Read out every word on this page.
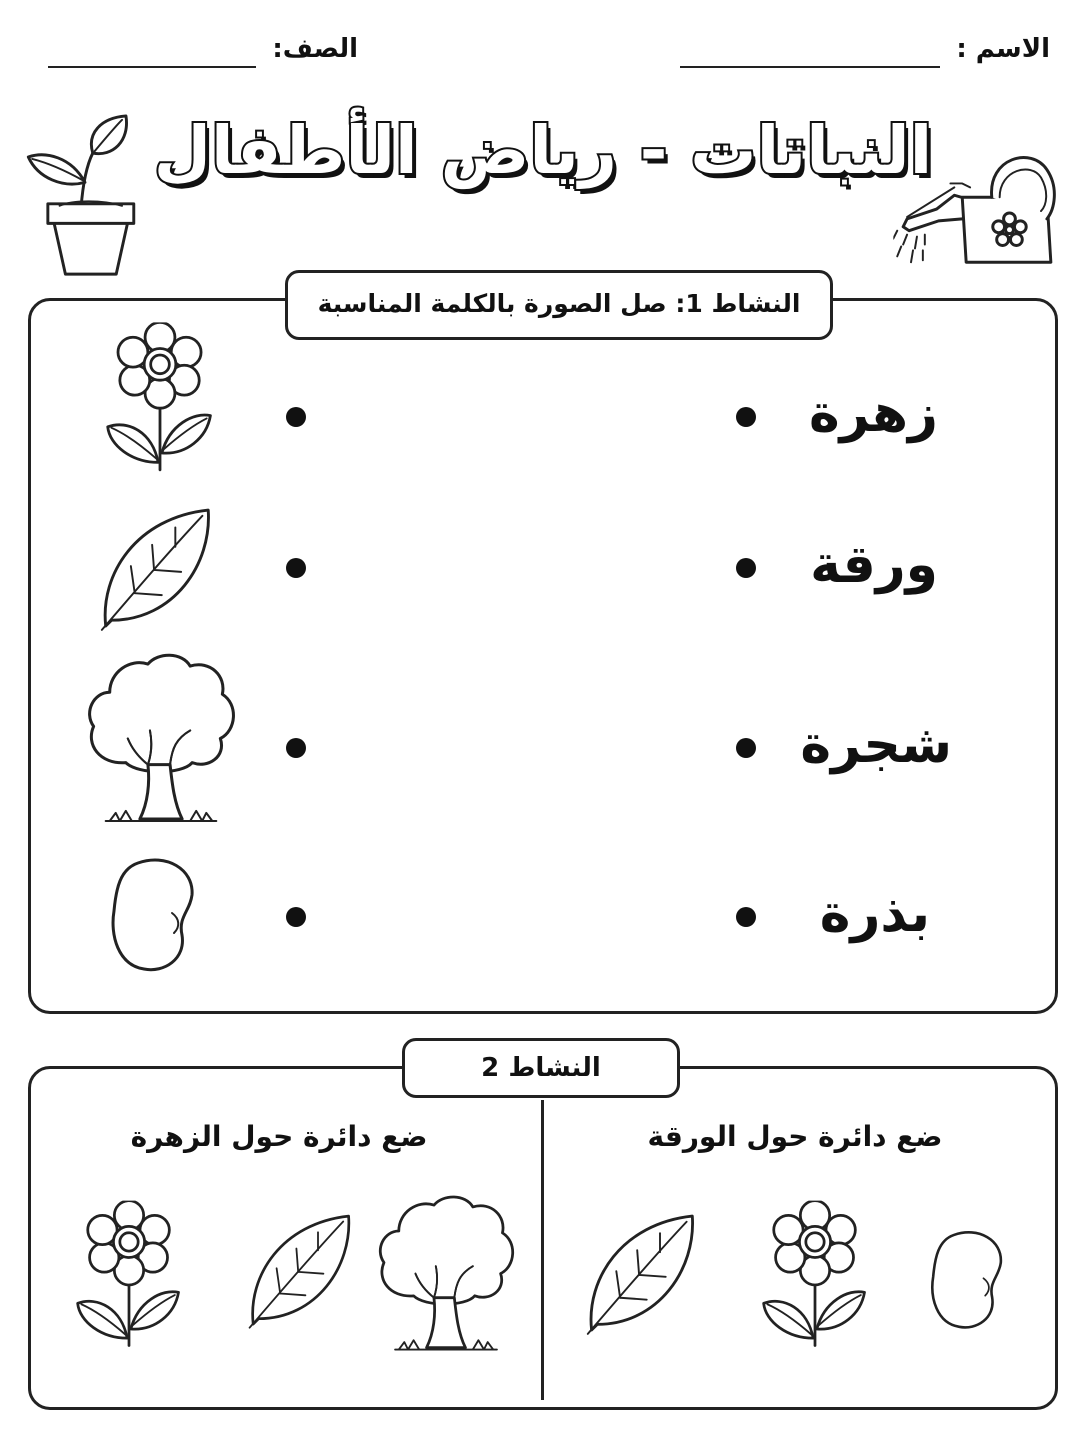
الاسم :
الصف:
النباتات - رياض الأطفال
النشاط 1: صل الصورة بالكلمة المناسبة
زهرة
ورقة
شجرة
بذرة
النشاط 2
ضع دائرة حول الورقة
ضع دائرة حول الزهرة
